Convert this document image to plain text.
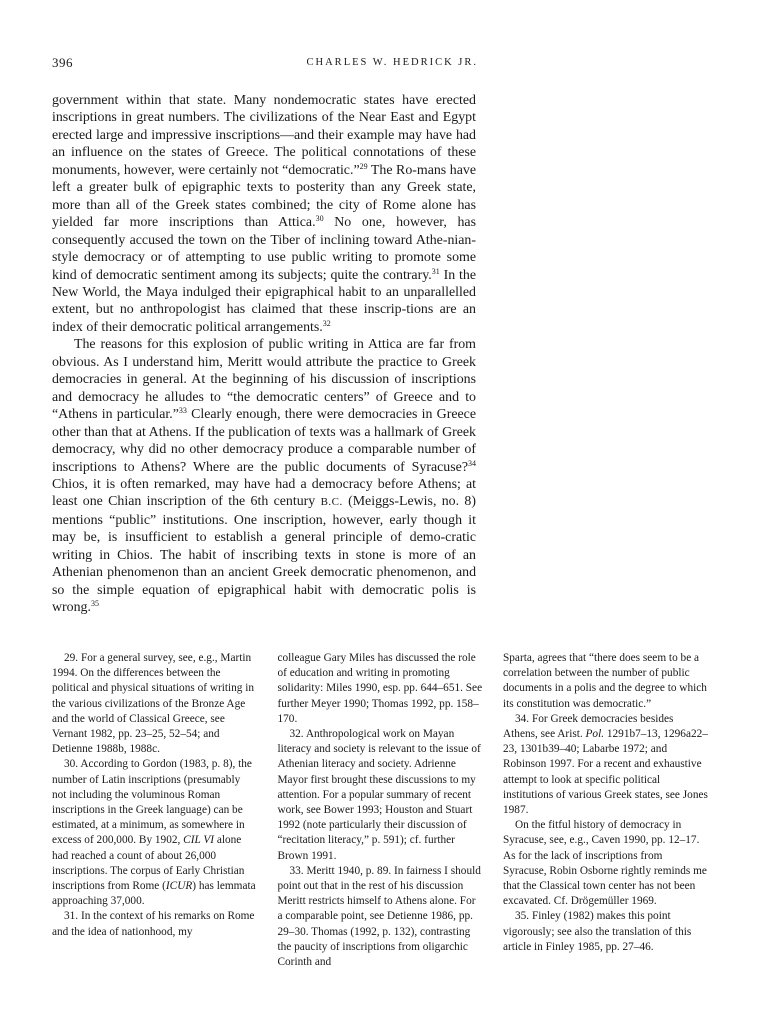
396	CHARLES W. HEDRICK JR.

government within that state. Many nondemocratic states have erected inscriptions in great numbers. The civilizations of the Near East and Egypt erected large and impressive inscriptions—and their example may have had an influence on the states of Greece. The political connotations of these monuments, however, were certainly not “democratic.”$^{29}$ The Ro-mans have left a greater bulk of epigraphic texts to posterity than any Greek state, more than all of the Greek states combined; the city of Rome alone has yielded far more inscriptions than Attica.$^{30}$ No one, however, has consequently accused the town on the Tiber of inclining toward Athe-nian-style democracy or of attempting to use public writing to promote some kind of democratic sentiment among its subjects; quite the contrary.$^{31}$ In the New World, the Maya indulged their epigraphical habit to an unparallelled extent, but no anthropologist has claimed that these inscrip-tions are an index of their democratic political arrangements.$^{32}$

The reasons for this explosion of public writing in Attica are far from obvious. As I understand him, Meritt would attribute the practice to Greek democracies in general. At the beginning of his discussion of inscriptions and democracy he alludes to “the democratic centers” of Greece and to “Athens in particular.”$^{33}$ Clearly enough, there were democracies in Greece other than that at Athens. If the publication of texts was a hallmark of Greek democracy, why did no other democracy produce a comparable number of inscriptions to Athens? Where are the public documents of Syracuse?$^{34}$ Chios, it is often remarked, may have had a democracy before Athens; at least one Chian inscription of the 6th century B.C. (Meiggs-Lewis, no. 8) mentions “public” institutions. One inscription, however, early though it may be, is insufficient to establish a general principle of demo-cratic writing in Chios. The habit of inscribing texts in stone is more of an Athenian phenomenon than an ancient Greek democratic phenomenon, and so the simple equation of epigraphical habit with democratic polis is wrong.$^{35}$

29. For a general survey, see, e.g., Martin 1994. On the differences between the political and physical situations of writing in the various civilizations of the Bronze Age and the world of Classical Greece, see Vernant 1982, pp. 23–25, 52–54; and Detienne 1988b, 1988c.

30. According to Gordon (1983, p. 8), the number of Latin inscriptions (presumably not including the voluminous Roman inscriptions in the Greek language) can be estimated, at a minimum, as somewhere in excess of 200,000. By 1902, CIL VI alone had reached a count of about 26,000 inscriptions. The corpus of Early Christian inscriptions from Rome (ICUR) has lemmata approaching 37,000.

31. In the context of his remarks on Rome and the idea of nationhood, my

colleague Gary Miles has discussed the role of education and writing in promoting solidarity: Miles 1990, esp. pp. 644–651. See further Meyer 1990; Thomas 1992, pp. 158–170.

32. Anthropological work on Mayan literacy and society is relevant to the issue of Athenian literacy and society. Adrienne Mayor first brought these discussions to my attention. For a popular summary of recent work, see Bower 1993; Houston and Stuart 1992 (note particularly their discussion of “recitation literacy,” p. 591); cf. further Brown 1991.

33. Meritt 1940, p. 89. In fairness I should point out that in the rest of his discussion Meritt restricts himself to Athens alone. For a comparable point, see Detienne 1986, pp. 29–30. Thomas (1992, p. 132), contrasting the paucity of inscriptions from oligarchic Corinth and

Sparta, agrees that “there does seem to be a correlation between the number of public documents in a polis and the degree to which its constitution was democratic.”

34. For Greek democracies besides Athens, see Arist. Pol. 1291b7–13, 1296a22–23, 1301b39–40; Labarbe 1972; and Robinson 1997. For a recent and exhaustive attempt to look at specific political institutions of various Greek states, see Jones 1987.

On the fitful history of democracy in Syracuse, see, e.g., Caven 1990, pp. 12–17. As for the lack of inscriptions from Syracuse, Robin Osborne rightly reminds me that the Classical town center has not been excavated. Cf. Drögemüller 1969.

35. Finley (1982) makes this point vigorously; see also the translation of this article in Finley 1985, pp. 27–46.
